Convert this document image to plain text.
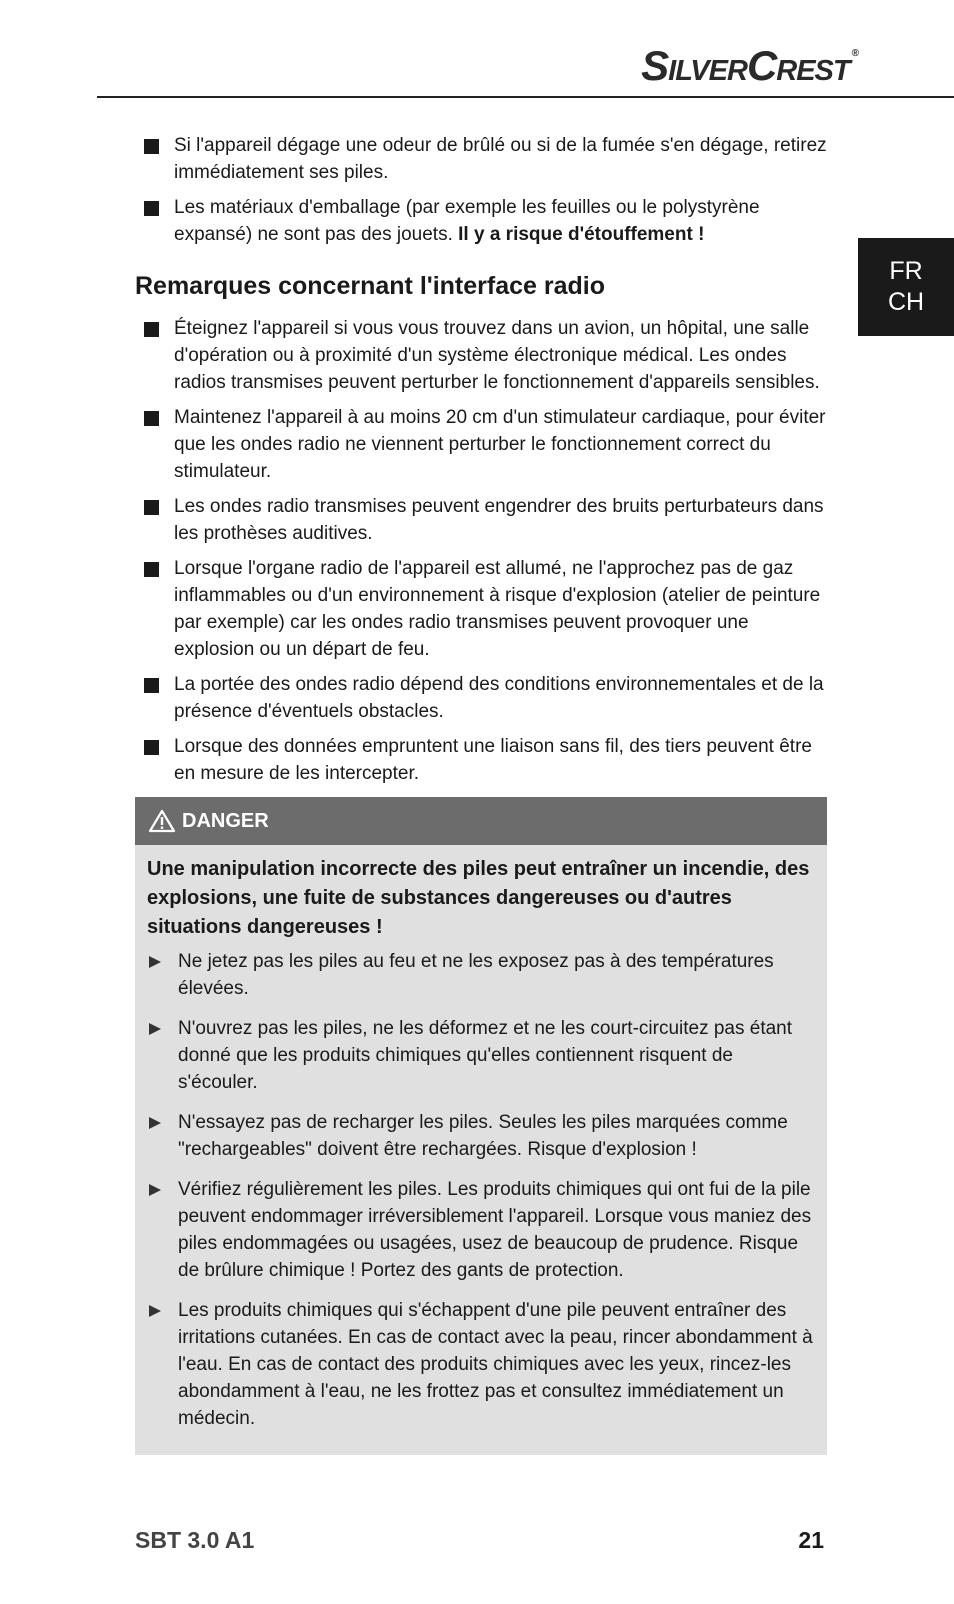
SilverCrest ®
FR
CH
Si l'appareil dégage une odeur de brûlé ou si de la fumée s'en dégage, retirez immédiatement ses piles.
Les matériaux d'emballage (par exemple les feuilles ou le polystyrène expansé) ne sont pas des jouets. Il y a risque d'étouffement !
Remarques concernant l'interface radio
Éteignez l'appareil si vous vous trouvez dans un avion, un hôpital, une salle d'opération ou à proximité d'un système électronique médical. Les ondes radios transmises peuvent perturber le fonctionnement d'appareils sensibles.
Maintenez l'appareil à au moins 20 cm d'un stimulateur cardiaque, pour éviter que les ondes radio ne viennent perturber le fonctionnement correct du stimulateur.
Les ondes radio transmises peuvent engendrer des bruits perturbateurs dans les prothèses auditives.
Lorsque l'organe radio de l'appareil est allumé, ne l'approchez pas de gaz inflammables ou d'un environnement à risque d'explosion (atelier de peinture par exemple) car les ondes radio transmises peuvent provoquer une explosion ou un départ de feu.
La portée des ondes radio dépend des conditions environnementales et de la présence d'éventuels obstacles.
Lorsque des données empruntent une liaison sans fil, des tiers peuvent être en mesure de les intercepter.
DANGER
Une manipulation incorrecte des piles peut entraîner un incendie, des explosions, une fuite de substances dangereuses ou d'autres situations dangereuses !
Ne jetez pas les piles au feu et ne les exposez pas à des températures élevées.
N'ouvrez pas les piles, ne les déformez et ne les court-circuitez pas étant donné que les produits chimiques qu'elles contiennent risquent de s'écouler.
N'essayez pas de recharger les piles. Seules les piles marquées comme "rechargeables" doivent être rechargées. Risque d'explosion !
Vérifiez régulièrement les piles. Les produits chimiques qui ont fui de la pile peuvent endommager irréversiblement l'appareil. Lorsque vous maniez des piles endommagées ou usagées, usez de beaucoup de prudence. Risque de brûlure chimique ! Portez des gants de protection.
Les produits chimiques qui s'échappent d'une pile peuvent entraîner des irritations cutanées. En cas de contact avec la peau, rincer abondamment à l'eau. En cas de contact des produits chimiques avec les yeux, rincez-les abondamment à l'eau, ne les frottez pas et consultez immédiatement un médecin.
SBT 3.0 A1	21
